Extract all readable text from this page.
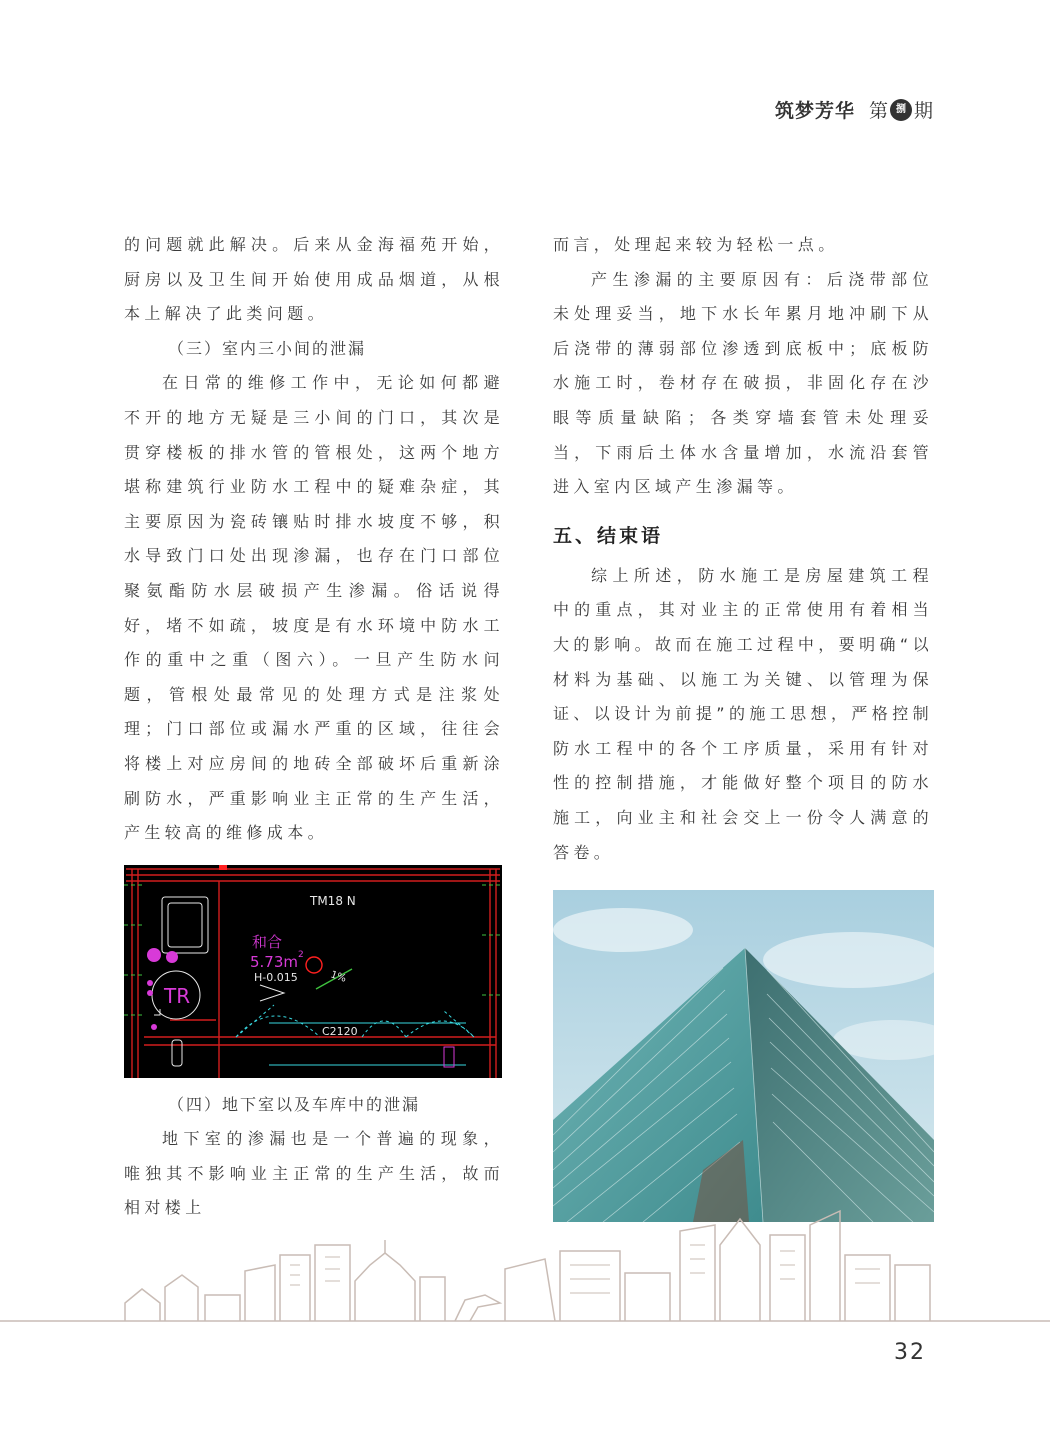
筑梦芳华 第 捌 期

的问题就此解决。后来从金海福苑开始，厨房以及卫生间开始使用成品烟道，从根本上解决了此类问题。

（三）室内三小间的泄漏

在日常的维修工作中，无论如何都避不开的地方无疑是三小间的门口，其次是贯穿楼板的排水管的管根处，这两个地方堪称建筑行业防水工程中的疑难杂症，其主要原因为瓷砖镶贴时排水坡度不够，积水导致门口处出现渗漏，也存在门口部位聚氨酯防水层破损产生渗漏。俗话说得好，堵不如疏，坡度是有水环境中防水工作的重中之重（图六）。一旦产生防水问题，管根处最常见的处理方式是注浆处理；门口部位或漏水严重的区域，往往会将楼上对应房间的地砖全部破坏后重新涂刷防水，严重影响业主正常的生产生活，产生较高的维修成本。

TR
TM18 N
和合
5.73m 2
H-0.015	1%
C2120

（四）地下室以及车库中的泄漏

地下室的渗漏也是一个普遍的现象，唯独其不影响业主正常的生产生活，故而相对楼上

而言，处理起来较为轻松一点。

产生渗漏的主要原因有：后浇带部位未处理妥当，地下水长年累月地冲刷下从后浇带的薄弱部位渗透到底板中；底板防水施工时，卷材存在破损，非固化存在沙眼等质量缺陷；各类穿墙套管未处理妥当，下雨后土体水含量增加，水流沿套管进入室内区域产生渗漏等。

五、结束语

综上所述，防水施工是房屋建筑工程中的重点，其对业主的正常使用有着相当大的影响。故而在施工过程中，要明确“以材料为基础、以施工为关键、以管理为保证、以设计为前提”的施工思想，严格控制防水工程中的各个工序质量，采用有针对性的控制措施，才能做好整个项目的防水施工，向业主和社会交上一份令人满意的答卷。

32
